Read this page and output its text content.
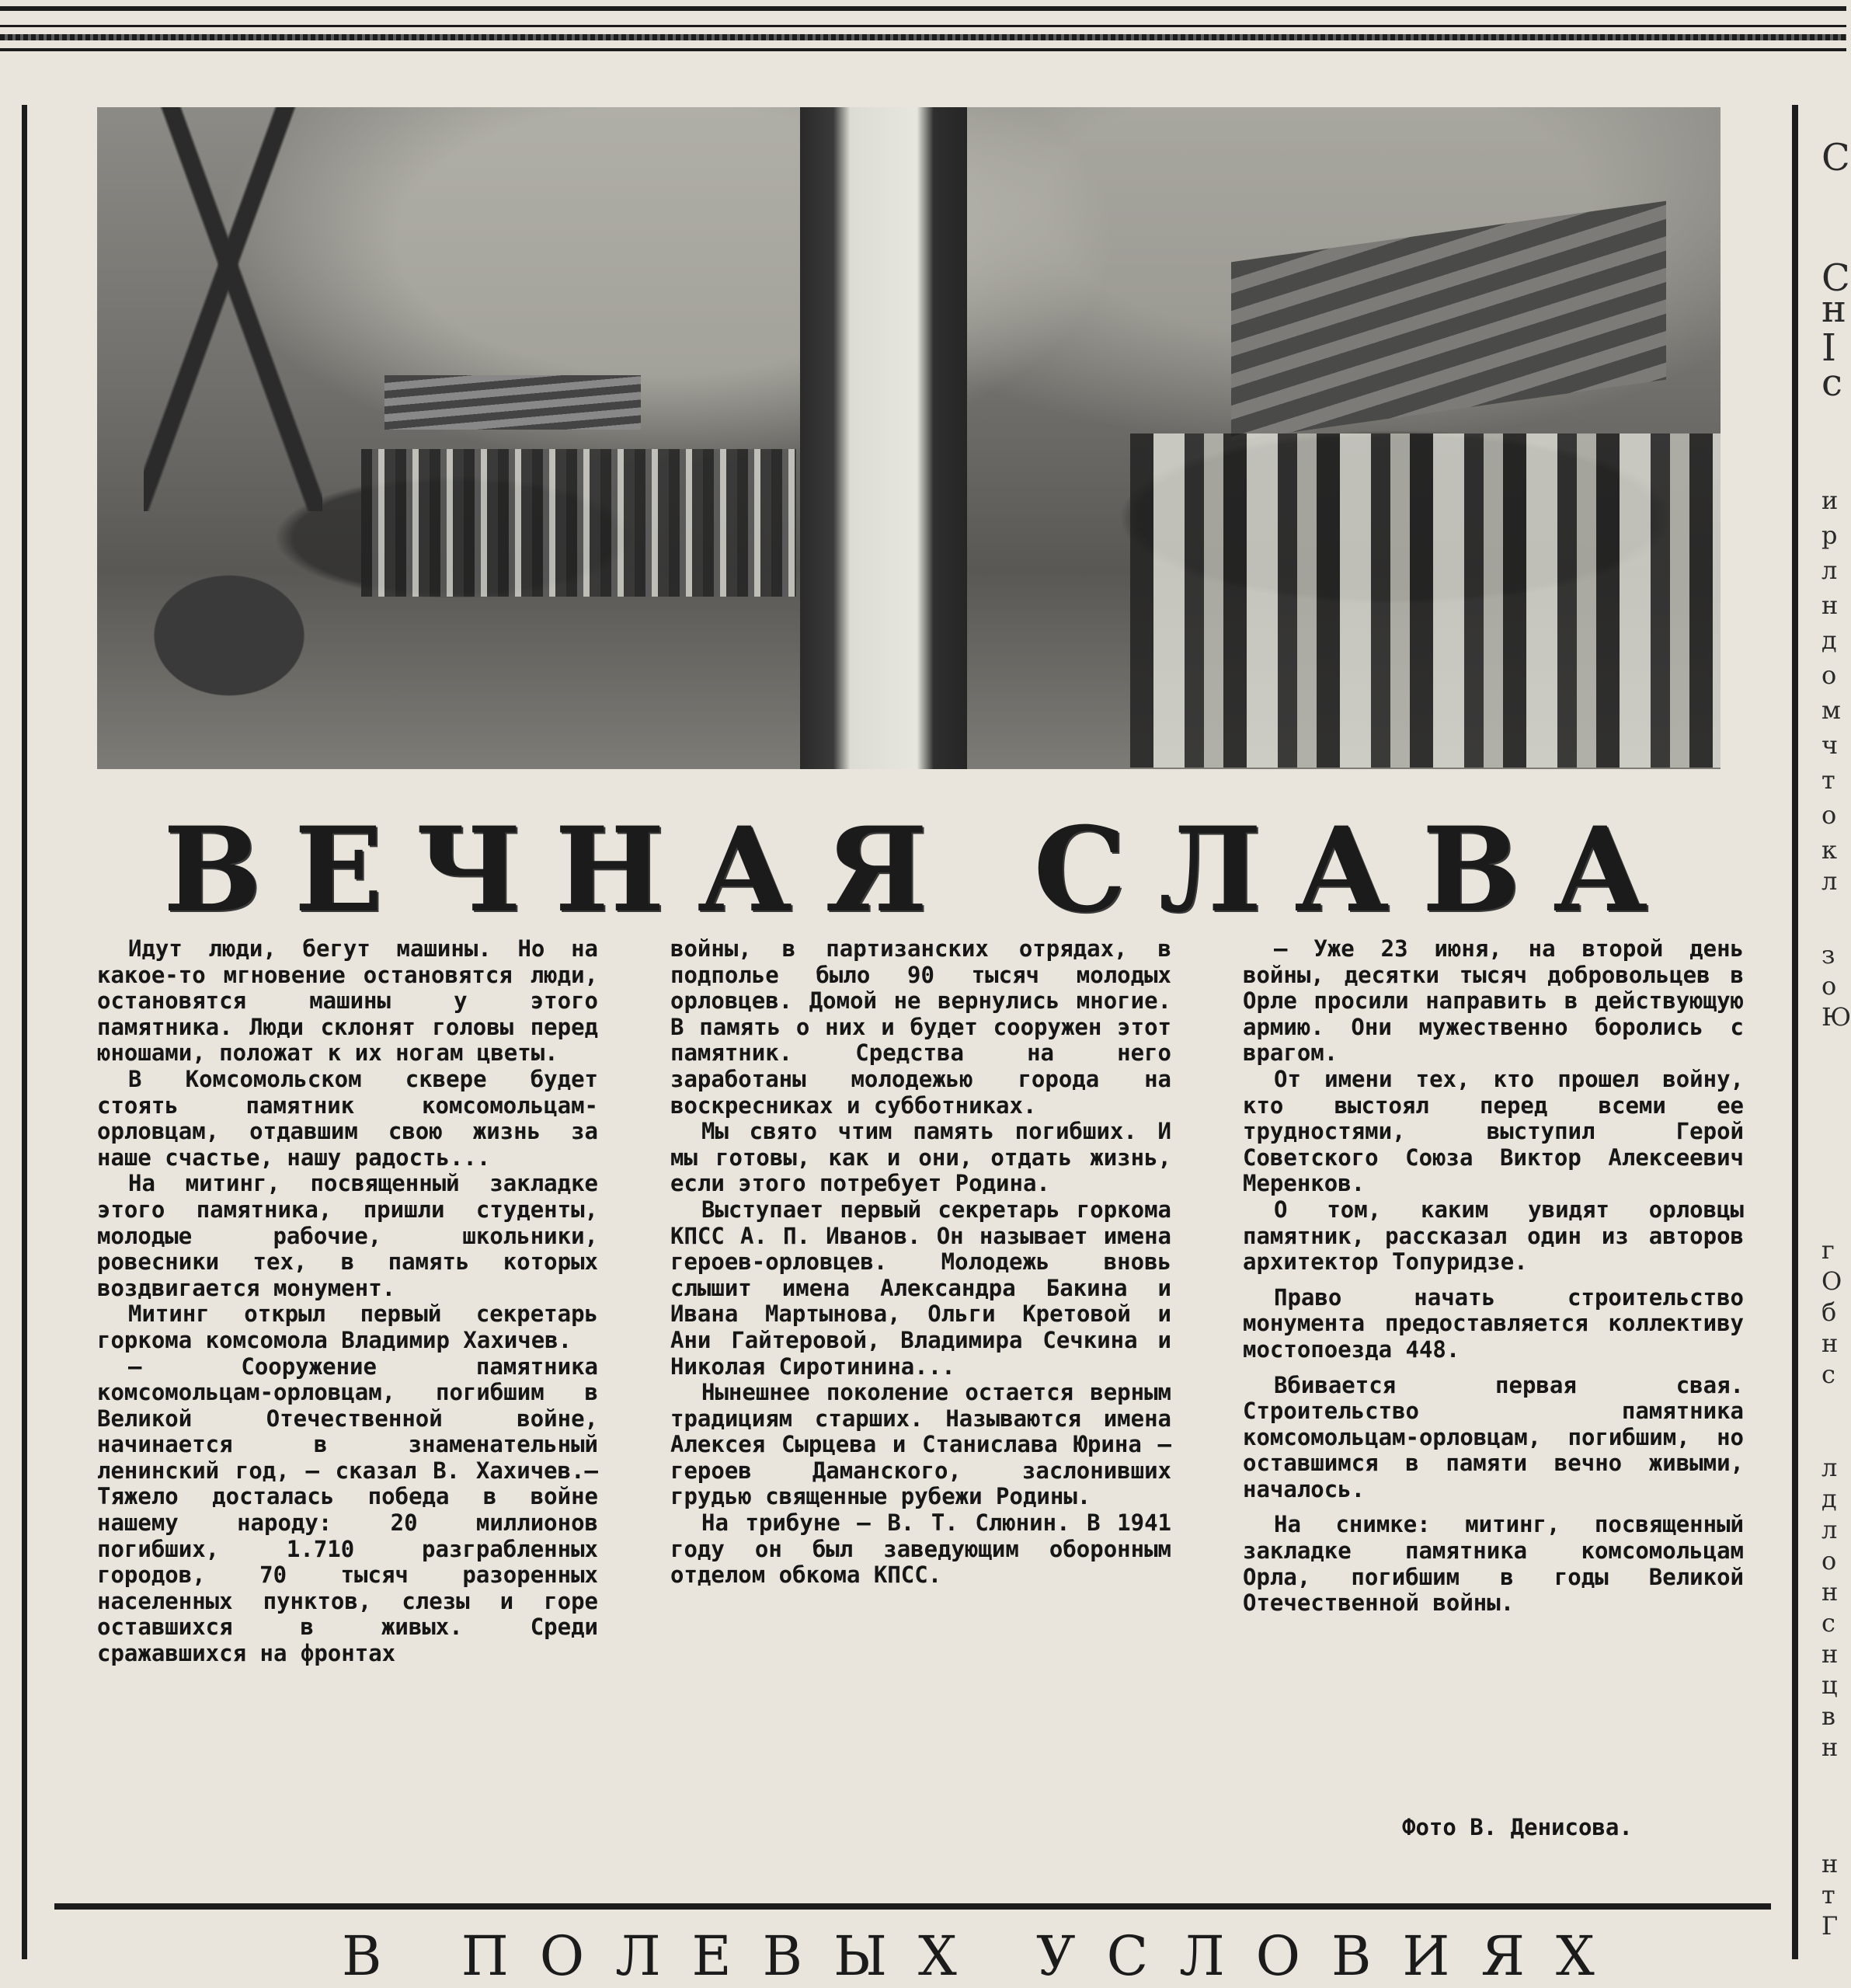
ВЕЧНАЯ СЛАВА

Идут люди, бегут машины. Но на какое-то мгновение остановятся люди, остановятся машины у этого памятника. Люди склонят головы перед юношами, положат к их ногам цветы.

В Комсомольском сквере будет стоять памятник комсомольцам-орловцам, отдавшим свою жизнь за наше счастье, нашу радость...

На митинг, посвященный закладке этого памятника, пришли студенты, молодые рабочие, школьники, ровесники тех, в память которых воздвигается монумент.

Митинг открыл первый секретарь горкома комсомола Владимир Хахичев.

— Сооружение памятника комсомольцам-орловцам, погибшим в Великой Отечественной войне, начинается в знаменательный ленинский год, — сказал В. Хахичев.— Тяжело досталась победа в войне нашему народу: 20 миллионов погибших, 1.710 разграбленных городов, 70 тысяч разоренных населенных пунктов, слезы и горе оставшихся в живых. Среди сражавшихся на фронтах

войны, в партизанских отрядах, в подполье было 90 тысяч молодых орловцев. Домой не вернулись многие. В память о них и будет сооружен этот памятник. Средства на него заработаны молодежью города на воскресниках и субботниках.

Мы свято чтим память погибших. И мы готовы, как и они, отдать жизнь, если этого потребует Родина.

Выступает первый секретарь горкома КПСС А. П. Иванов. Он называет имена героев-орловцев. Молодежь вновь слышит имена Александра Бакина и Ивана Мартынова, Ольги Кретовой и Ани Гайтеровой, Владимира Сечкина и Николая Сиротинина...

Нынешнее поколение остается верным традициям старших. Называются имена Алексея Сырцева и Станислава Юрина — героев Даманского, заслонивших грудью священные рубежи Родины.

На трибуне — В. Т. Слюнин. В 1941 году он был заведующим оборонным отделом обкома КПСС.

— Уже 23 июня, на второй день войны, десятки тысяч добровольцев в Орле просили направить в действующую армию. Они мужественно боролись с врагом.

От имени тех, кто прошел войну, кто выстоял перед всеми ее трудностями, выступил Герой Советского Союза Виктор Алексеевич Меренков.

О том, каким увидят орловцы памятник, рассказал один из авторов архитектор Топуридзе.

Право начать строительство монумента предоставляется коллективу мостопоезда 448.

Вбивается первая свая. Строительство памятника комсомольцам-орловцам, погибшим, но оставшимся в памяти вечно живыми, началось.

На снимке: митинг, посвященный закладке памятника комсомольцам Орла, погибшим в годы Великой Отечественной войны.

Фото В. Денисова.
В ПОЛЕВЫХ УСЛОВИЯХ
С
С
н
I
с
и
р
л
н
д
о
м
ч
т
о
к
л
з
о
Ю
г
О
б
н
с
л
д
л
о
н
с
н
ц
в
н
н
т
Г
